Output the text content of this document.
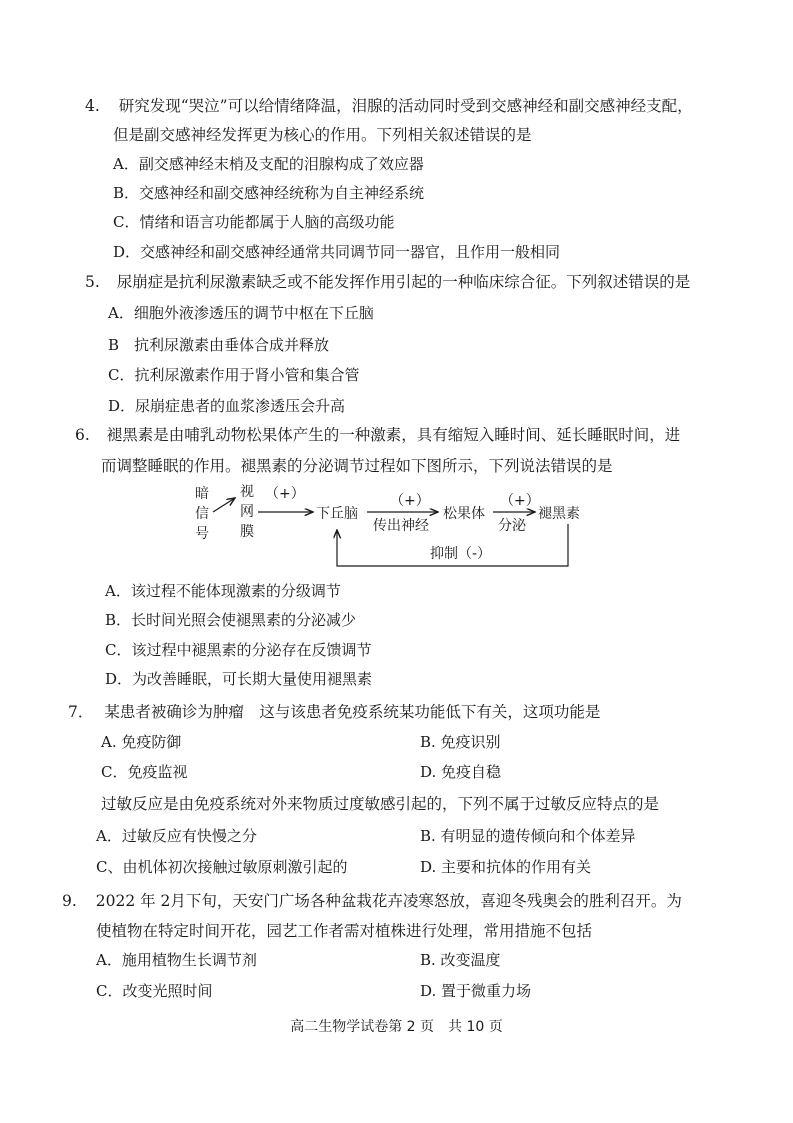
4. 研究发现“哭泣”可以给情绪降温，泪腺的活动同时受到交感神经和副交感神经支配，
但是副交感神经发挥更为核心的作用。下列相关叙述错误的是
A．副交感神经末梢及支配的泪腺构成了效应器
B．交感神经和副交感神经统称为自主神经系统
C．情绪和语言功能都属于人脑的高级功能
D．交感神经和副交感神经通常共同调节同一器官，且作用一般相同
5. 尿崩症是抗利尿激素缺乏或不能发挥作用引起的一种临床综合征。下列叙述错误的是
A．细胞外液渗透压的调节中枢在下丘脑
B　抗利尿激素由垂体合成并释放
C．抗利尿激素作用于肾小管和集合管
D．尿崩症患者的血浆渗透压会升高
6. 褪黑素是由哺乳动物松果体产生的一种激素，具有缩短入睡时间、延长睡眠时间，进
而调整睡眠的作用。褪黑素的分泌调节过程如下图所示，下列说法错误的是
暗
信
号
视
网
膜
（+）
下丘脑
（+）
传出神经
松果体
（+）
分泌
褪黑素
抑制（-）
A．该过程不能体现激素的分级调节
B．长时间光照会使褪黑素的分泌减少
C．该过程中褪黑素的分泌存在反馈调节
D．为改善睡眠，可长期大量使用褪黑素
7． 某患者被确诊为肿瘤　这与该患者免疫系统某功能低下有关，这项功能是
A. 免疫防御	B. 免疫识别
C．免疫监视	D. 免疫自稳
过敏反应是由免疫系统对外来物质过度敏感引起的，下列不属于过敏反应特点的是
A．过敏反应有快慢之分	B. 有明显的遗传倾向和个体差异
C、由机体初次接触过敏原刺激引起的	D. 主要和抗体的作用有关
9. 2022 年 2月下旬，天安门广场各种盆栽花卉凌寒怒放，喜迎冬残奥会的胜利召开。为
使植物在特定时间开花，园艺工作者需对植株进行处理，常用措施不包括
A．施用植物生长调节剂	B. 改变温度
C．改变光照时间	D. 置于微重力场
高二生物学试卷第 2 页　共 10 页
